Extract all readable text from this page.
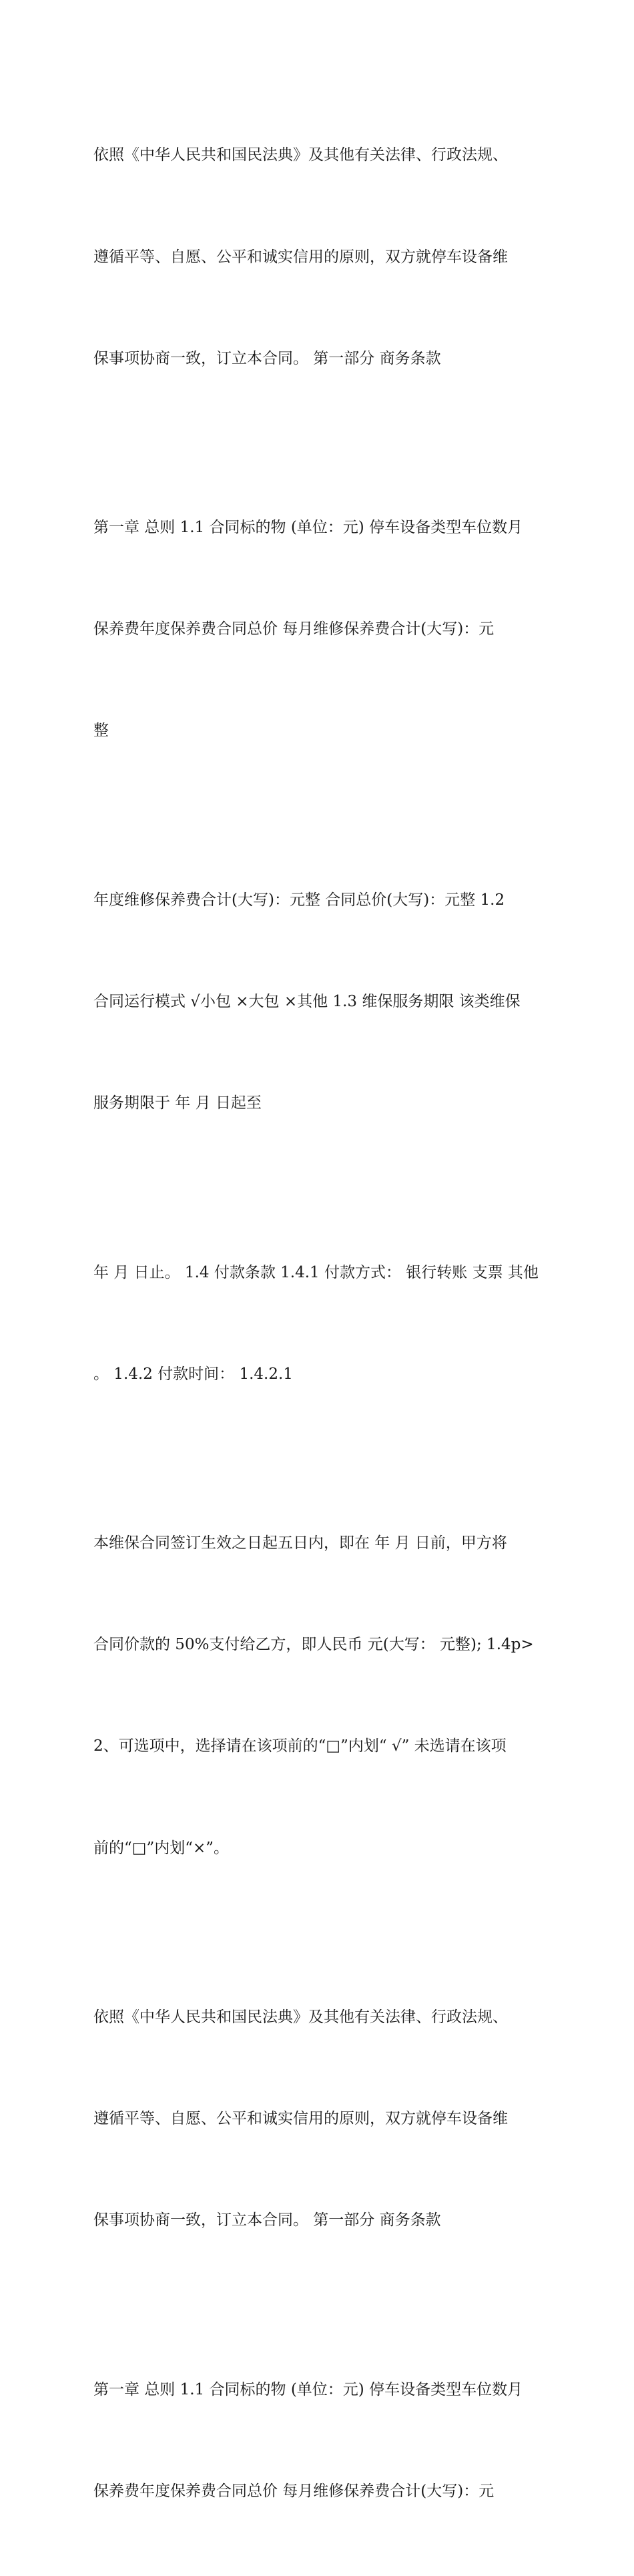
依照《中华人民共和国民法典》及其他有关法律、行政法规、

遵循平等、自愿、公平和诚实信用的原则，双方就停车设备维

保事项协商一致，订立本合同。 第一部分 商务条款

第一章 总则 1.1 合同标的物 (单位：元) 停车设备类型车位数月

保养费年度保养费合同总价 每月维修保养费合计(大写)：元

整

年度维修保养费合计(大写)：元整 合同总价(大写)：元整 1.2

合同运行模式 √小包 ×大包 ×其他 1.3 维保服务期限 该类维保

服务期限于 年 月 日起至

年 月 日止。 1.4 付款条款 1.4.1 付款方式： 银行转账 支票 其他

。 1.4.2 付款时间： 1.4.2.1

本维保合同签订生效之日起五日内，即在 年 月 日前，甲方将

合同价款的 50%支付给乙方，即人民币 元(大写： 元整); 1.4p>

2、可选项中，选择请在该项前的“□”内划“ √” 未选请在该项

前的“□”内划“×”。

依照《中华人民共和国民法典》及其他有关法律、行政法规、

遵循平等、自愿、公平和诚实信用的原则，双方就停车设备维

保事项协商一致，订立本合同。 第一部分 商务条款

第一章 总则 1.1 合同标的物 (单位：元) 停车设备类型车位数月

保养费年度保养费合同总价 每月维修保养费合计(大写)：元
